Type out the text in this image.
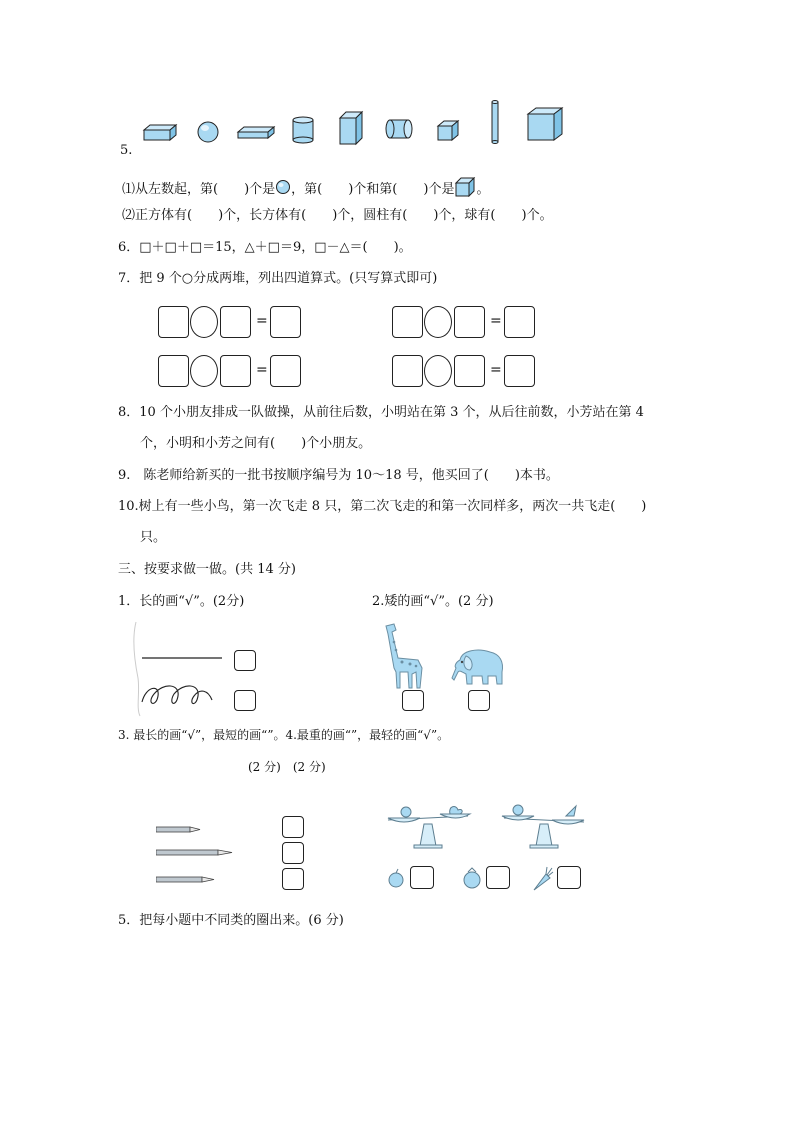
5.
⑴从左数起，第(　　)个是 ，第(　　)个和第(　　)个是 。
⑵正方体有(　　)个，长方体有(　　)个，圆柱有(　　)个，球有(　　)个。
6．□＋□＋□＝15，△＋□＝9，□－△＝(　　)。
7．把 9 个○分成两堆，列出四道算式。(只写算式即可)
=	=
=	=
8．10 个小朋友排成一队做操，从前往后数，小明站在第 3 个，从后往前数，小芳站在第 4
个，小明和小芳之间有(　　)个小朋友。
9.　陈老师给新买的一批书按顺序编号为 10～18 号，他买回了(　　)本书。
10.树上有一些小鸟，第一次飞走 8 只，第二次飞走的和第一次同样多，两次一共飞走(　　)
只。
三、按要求做一做。(共 14 分)
1．长的画“√”。(2分)	2.矮的画“√”。(2 分)
3. 最长的画“√”，最短的画“”。4.最重的画“”，最轻的画“√”。
(2 分)　(2 分)
5．把每小题中不同类的圈出来。(6 分)
